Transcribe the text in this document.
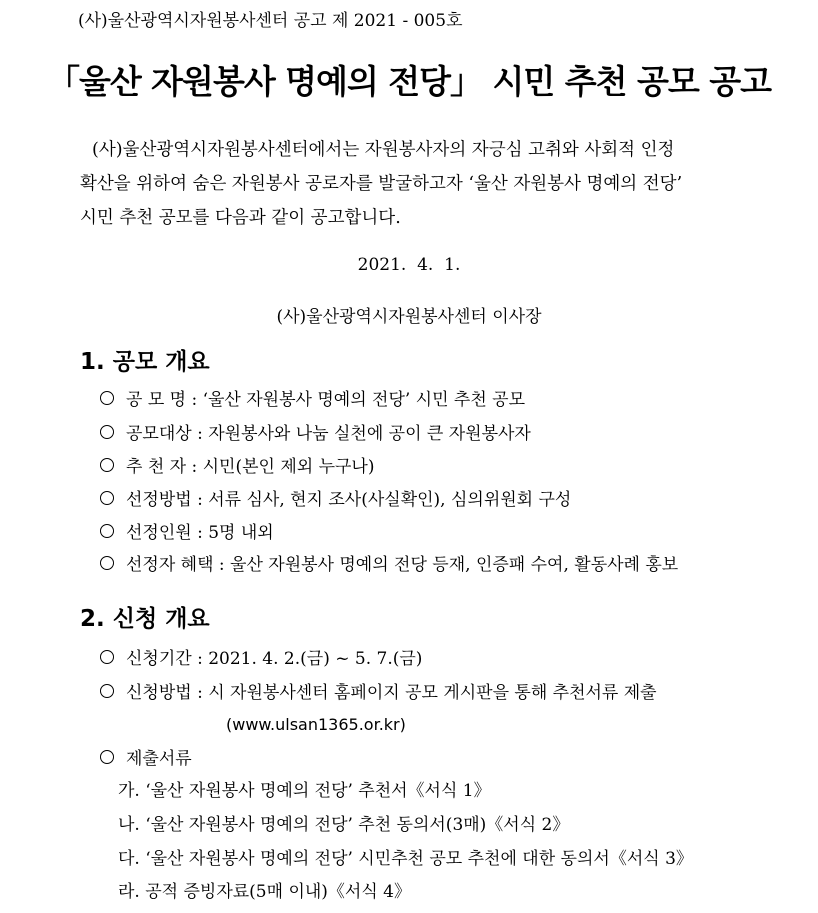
(사)울산광역시자원봉사센터 공고 제 2021 - 005호
「울산 자원봉사 명예의 전당」 시민 추천 공모 공고

(사)울산광역시자원봉사센터에서는 자원봉사자의 자긍심 고취와 사회적 인정

확산을 위하여 숨은 자원봉사 공로자를 발굴하고자 ‘울산 자원봉사 명예의 전당’

시민 추천 공모를 다음과 같이 공고합니다.

2021.  4.  1.
(사)울산광역시자원봉사센터 이사장
1. 공모 개요
공 모 명 : ‘울산 자원봉사 명예의 전당’ 시민 추천 공모
공모대상 : 자원봉사와 나눔 실천에 공이 큰 자원봉사자
추 천 자 : 시민(본인 제외 누구나)
선정방법 : 서류 심사, 현지 조사(사실확인), 심의위원회 구성
선정인원 : 5명 내외
선정자 혜택 : 울산 자원봉사 명예의 전당 등재, 인증패 수여, 활동사례 홍보
2. 신청 개요
신청기간 : 2021. 4. 2.(금) ~ 5. 7.(금)
신청방법 : 시 자원봉사센터 홈페이지 공모 게시판을 통해 추천서류 제출
(www.ulsan1365.or.kr)
제출서류
가. ‘울산 자원봉사 명예의 전당’ 추천서《서식 1》
나. ‘울산 자원봉사 명예의 전당’ 추천 동의서(3매)《서식 2》
다. ‘울산 자원봉사 명예의 전당’ 시민추천 공모 추천에 대한 동의서《서식 3》
라. 공적 증빙자료(5매 이내)《서식 4》
